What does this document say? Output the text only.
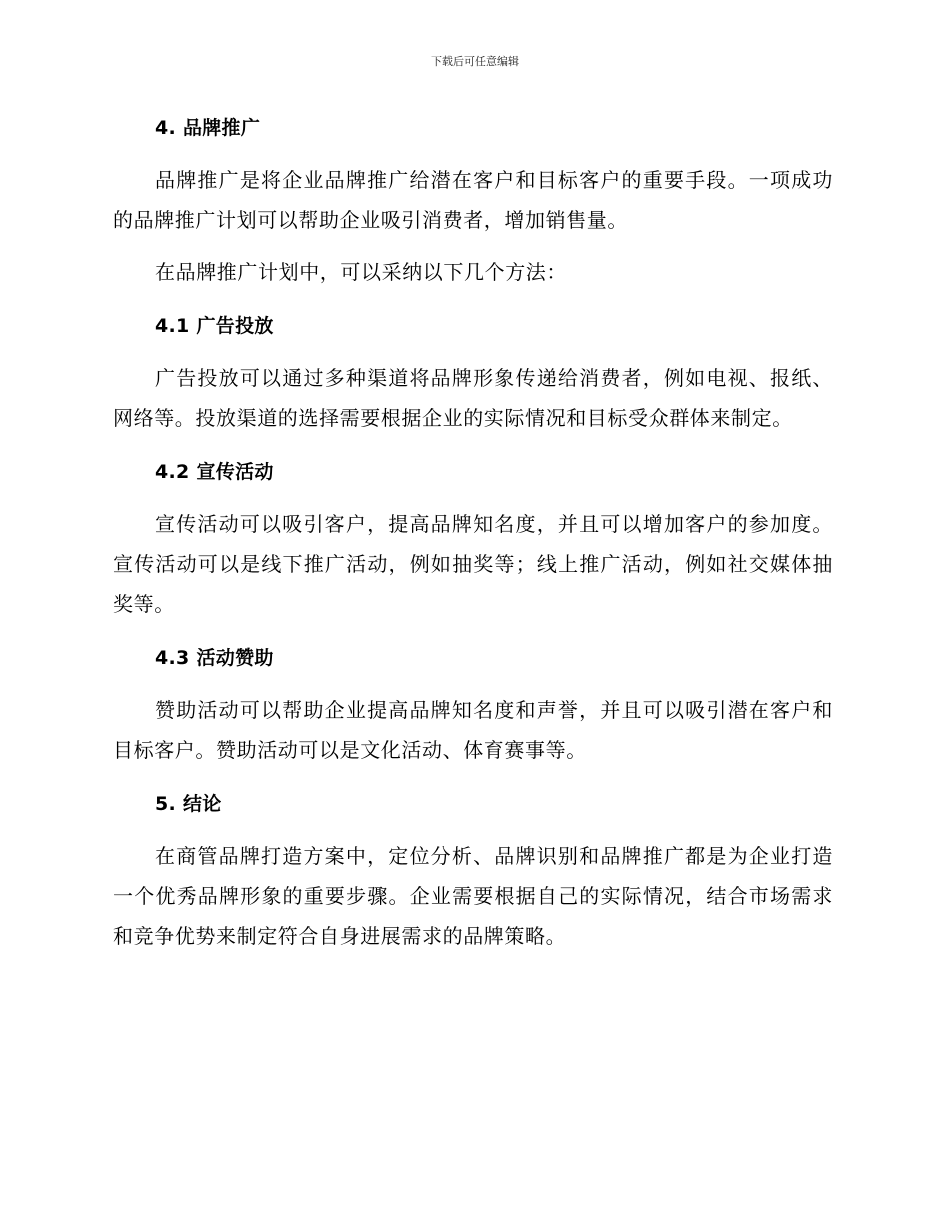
下载后可任意编辑
4. 品牌推广

品牌推广是将企业品牌推广给潜在客户和目标客户的重要手段。一项成功的品牌推广计划可以帮助企业吸引消费者，增加销售量。

在品牌推广计划中，可以采纳以下几个方法：

4.1 广告投放

广告投放可以通过多种渠道将品牌形象传递给消费者，例如电视、报纸、网络等。投放渠道的选择需要根据企业的实际情况和目标受众群体来制定。

4.2 宣传活动

宣传活动可以吸引客户，提高品牌知名度，并且可以增加客户的参加度。宣传活动可以是线下推广活动，例如抽奖等；线上推广活动，例如社交媒体抽奖等。

4.3 活动赞助

赞助活动可以帮助企业提高品牌知名度和声誉，并且可以吸引潜在客户和目标客户。赞助活动可以是文化活动、体育赛事等。

5. 结论

在商管品牌打造方案中，定位分析、品牌识别和品牌推广都是为企业打造一个优秀品牌形象的重要步骤。企业需要根据自己的实际情况，结合市场需求和竞争优势来制定符合自身进展需求的品牌策略。
